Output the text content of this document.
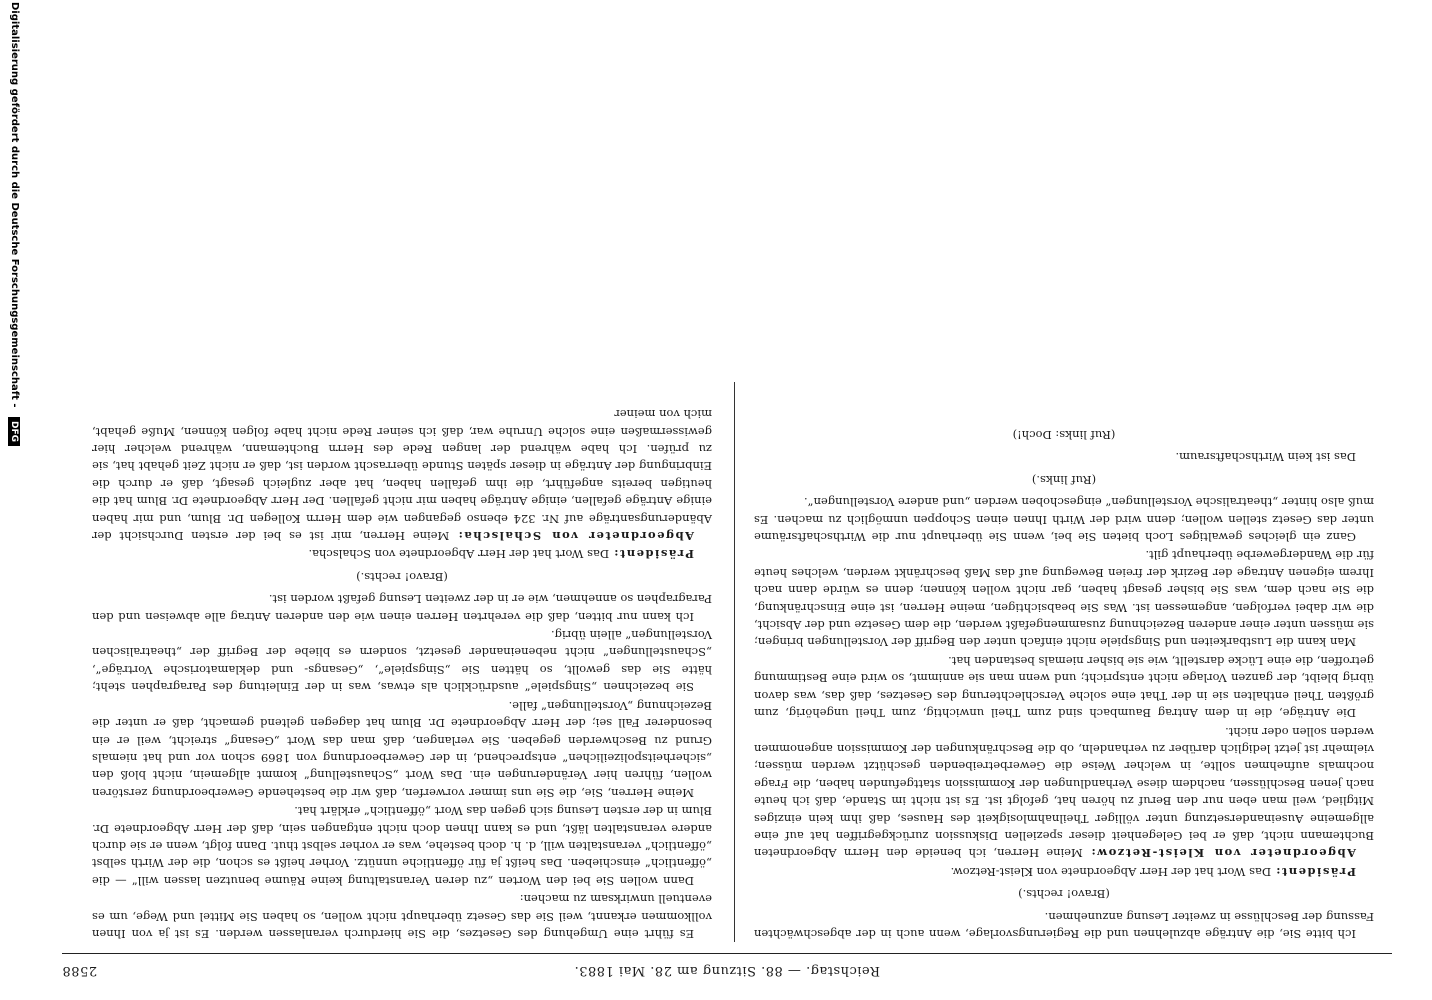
Reichstag. — 88. Sitzung am 28. Mai 1883.
2588

Ich bitte Sie, die Anträge abzulehnen und die Regierungsvorlage, wenn auch in der abgeschwächten Fassung der Beschlüsse in zweiter Lesung anzunehmen.

(Bravo! rechts.)

Präsident: Das Wort hat der Herr Abgeordnete von Kleist-Retzow.

Abgeordneter von Kleist-Retzow: Meine Herren, ich beneide den Herrn Abgeordneten Buchtemann nicht, daß er bei Gelegenheit dieser speziellen Diskussion zurückgegriffen hat auf eine allgemeine Auseinandersetzung unter völliger Theilnahmlosigkeit des Hauses, daß ihm kein einziges Mitglied, weil man eben nur den Beruf zu hören hat, gefolgt ist. Es ist nicht im Stande, daß ich heute nach jenen Beschlüssen, nachdem diese Verhandlungen der Kommission stattgefunden haben, die Frage nochmals aufnehmen sollte, in welcher Weise die Gewerbetreibenden geschützt werden müssen; vielmehr ist jetzt lediglich darüber zu verhandeln, ob die Beschränkungen der Kommission angenommen werden sollen oder nicht.

Die Anträge, die in dem Antrag Baumbach sind zum Theil unwichtig, zum Theil ungehörig, zum größten Theil enthalten sie in der That eine solche Verschlechterung des Gesetzes, daß das, was davon übrig bleibt, der ganzen Vorlage nicht entspricht; und wenn man sie annimmt, so wird eine Bestimmung getroffen, die eine Lücke darstellt, wie sie bisher niemals bestanden hat.

Man kann die Lustbarkeiten und Singspiele nicht einfach unter den Begriff der Vorstellungen bringen; sie müssen unter einer anderen Bezeichnung zusammengefaßt werden, die dem Gesetze und der Absicht, die wir dabei verfolgen, angemessen ist. Was Sie beabsichtigen, meine Herren, ist eine Einschränkung, die Sie nach dem, was Sie bisher gesagt haben, gar nicht wollen können; denn es würde dann nach Ihrem eigenen Antrage der Bezirk der freien Bewegung auf das Maß beschränkt werden, welches heute für die Wandergewerbe überhaupt gilt.

Ganz ein gleiches gewaltiges Loch bieten Sie bei, wenn Sie überhaupt nur die Wirthschaftsräume unter das Gesetz stellen wollen; denn wird der Wirth Ihnen einen Schoppen unmöglich zu machen. Es muß also hinter „theatralische Vorstellungen“ eingeschoben werden „und andere Vorstellungen“.

(Ruf links.)

Das ist kein Wirthschaftsraum.

(Ruf links: Doch!)

Es führt eine Umgehung des Gesetzes, die Sie hierdurch veranlassen werden. Es ist ja von Ihnen vollkommen erkannt, weil Sie das Gesetz überhaupt nicht wollen, so haben Sie Mittel und Wege, um es eventuell unwirksam zu machen:

Dann wollen Sie bei den Worten „zu deren Veranstaltung keine Räume benutzen lassen will“ — die „öffentlich“ einschieben. Das heißt ja für öffentliche unnütz. Vorher heißt es schon, die der Wirth selbst „öffentlich“ veranstalten will, d. h. doch bestehe, was er vorher selbst thut. Dann folgt, wenn er sie durch andere veranstalten läßt, und es kann Ihnen doch nicht entgangen sein, daß der Herr Abgeordnete Dr. Blum in der ersten Lesung sich gegen das Wort „öffentlich“ erklärt hat.

Meine Herren, Sie, die Sie uns immer vorwerfen, daß wir die bestehende Gewerbeordnung zerstören wollen, führen hier Veränderungen ein. Das Wort „Schaustellung“ kommt allgemein, nicht bloß den „sicherheitspolizeilichen“ entsprechend, in der Gewerbeordnung von 1869 schon vor und hat niemals Grund zu Beschwerden gegeben. Sie verlangen, daß man das Wort „Gesang“ streicht, weil er ein besonderer Fall sei; der Herr Abgeordnete Dr. Blum hat dagegen geltend gemacht, daß er unter die Bezeichnung „Vorstellungen“ falle.

Sie bezeichnen „Singspiele“ ausdrücklich als etwas, was in der Einleitung des Paragraphen steht; hätte Sie das gewollt, so hätten Sie „Singspiele“, „Gesangs- und deklamatorische Vorträge“, „Schaustellungen“ nicht nebeneinander gesetzt, sondern es bliebe der Begriff der „theatralischen Vorstellungen“ allein übrig.

Ich kann nur bitten, daß die verehrten Herren einen wie den anderen Antrag alle abweisen und den Paragraphen so annehmen, wie er in der zweiten Lesung gefaßt worden ist.

(Bravo! rechts.)

Präsident: Das Wort hat der Herr Abgeordnete von Schalscha.

Abgeordneter von Schalscha: Meine Herren, mir ist es bei der ersten Durchsicht der Abänderungsanträge auf Nr. 324 ebenso gegangen wie dem Herrn Kollegen Dr. Blum, und mir haben einige Anträge gefallen, einige Anträge haben mir nicht gefallen. Der Herr Abgeordnete Dr. Blum hat die heutigen bereits angeführt, die ihm gefallen haben, hat aber zugleich gesagt, daß er durch die Einbringung der Anträge in dieser späten Stunde überrascht worden ist, daß er nicht Zeit gehabt hat, sie zu prüfen. Ich habe während der langen Rede des Herrn Buchtemann, während welcher hier gewissermaßen eine solche Unruhe war, daß ich seiner Rede nicht habe folgen können, Muße gehabt, mich von meiner

Digitalisierung gefördert durch die Deutsche Forschungsgemeinschaft - DFG
